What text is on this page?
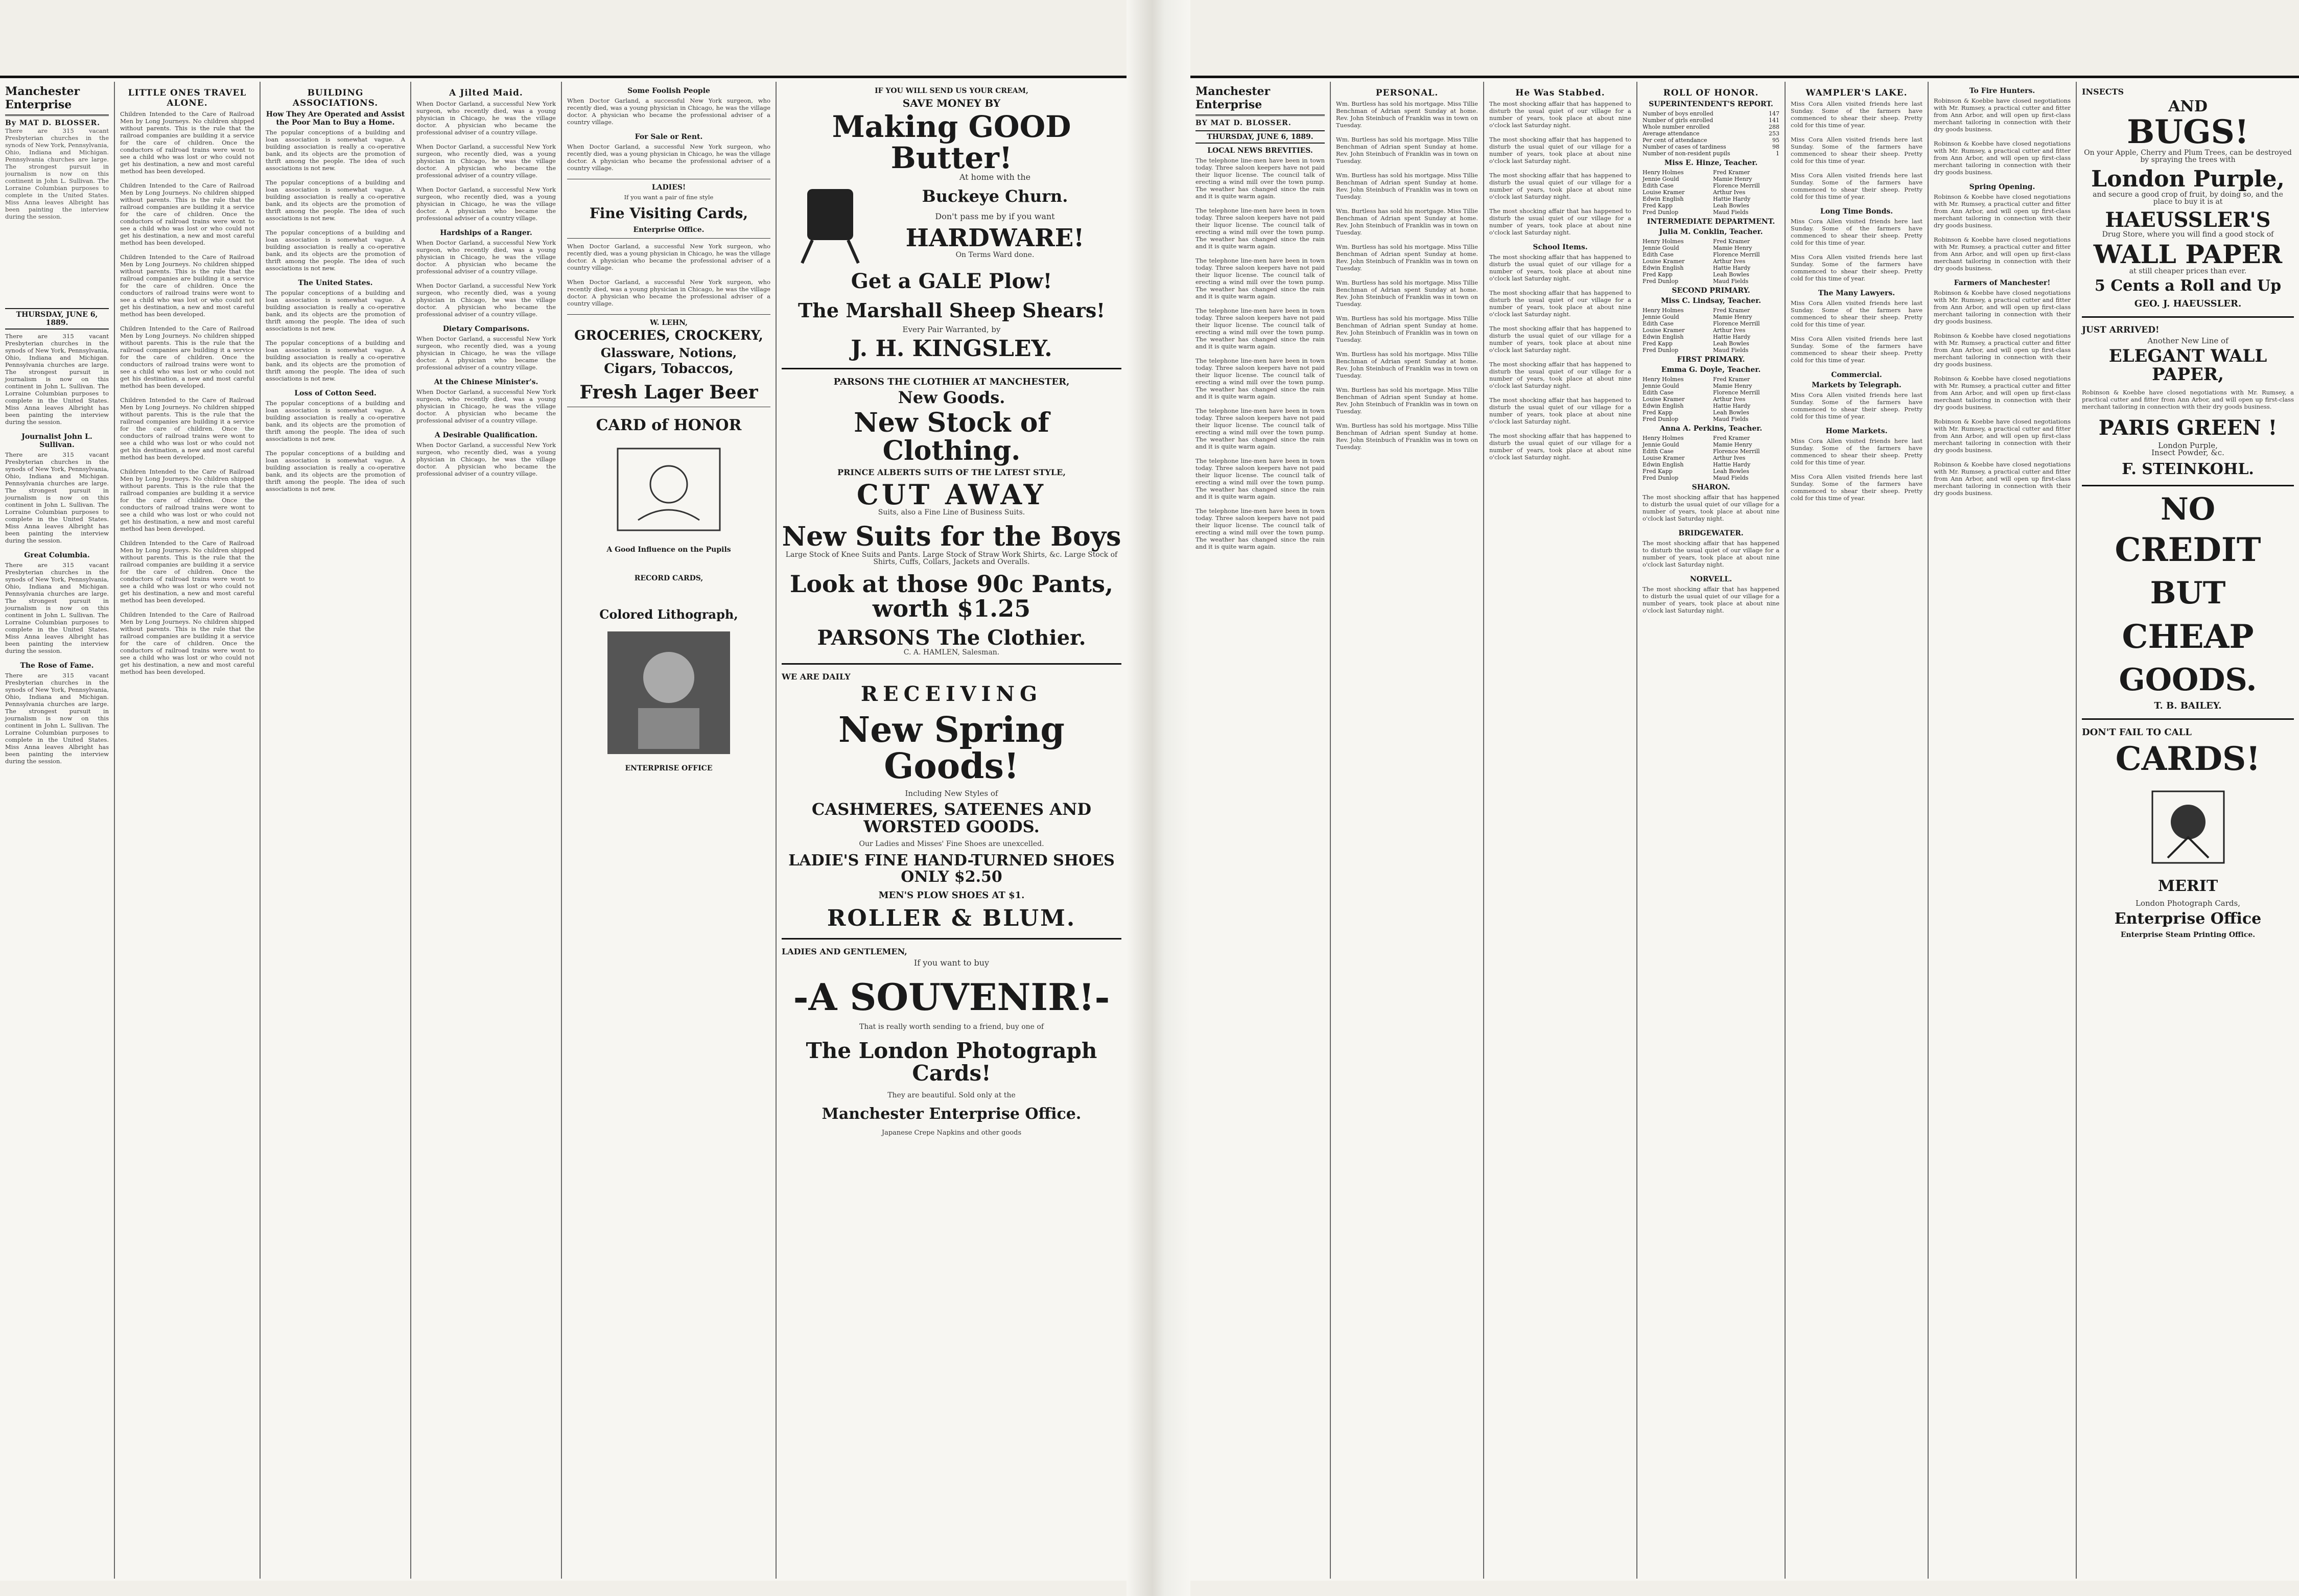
Manchester Enterprise
By MAT D. BLOSSER.
There are 315 vacant Presbyterian churches in the synods of New York, Pennsylvania, Ohio, Indiana and Michigan. Pennsylvania churches are large. The strongest pursuit in journalism is now on this continent in John L. Sullivan. The Lorraine Columbian purposes to complete in the United States. Miss Anna leaves Albright has been painting the interview during the session.
THURSDAY, JUNE 6, 1889.
There are 315 vacant Presbyterian churches in the synods of New York, Pennsylvania, Ohio, Indiana and Michigan. Pennsylvania churches are large. The strongest pursuit in journalism is now on this continent in John L. Sullivan. The Lorraine Columbian purposes to complete in the United States. Miss Anna leaves Albright has been painting the interview during the session.
Journalist John L. Sullivan.
There are 315 vacant Presbyterian churches in the synods of New York, Pennsylvania, Ohio, Indiana and Michigan. Pennsylvania churches are large. The strongest pursuit in journalism is now on this continent in John L. Sullivan. The Lorraine Columbian purposes to complete in the United States. Miss Anna leaves Albright has been painting the interview during the session.
Great Columbia.
There are 315 vacant Presbyterian churches in the synods of New York, Pennsylvania, Ohio, Indiana and Michigan. Pennsylvania churches are large. The strongest pursuit in journalism is now on this continent in John L. Sullivan. The Lorraine Columbian purposes to complete in the United States. Miss Anna leaves Albright has been painting the interview during the session.
The Rose of Fame.
There are 315 vacant Presbyterian churches in the synods of New York, Pennsylvania, Ohio, Indiana and Michigan. Pennsylvania churches are large. The strongest pursuit in journalism is now on this continent in John L. Sullivan. The Lorraine Columbian purposes to complete in the United States. Miss Anna leaves Albright has been painting the interview during the session.
LITTLE ONES TRAVEL ALONE.
Children Intended to the Care of Railroad Men by Long Journeys. No children shipped without parents. This is the rule that the railroad companies are building it a service for the care of children. Once the conductors of railroad trains were wont to see a child who was lost or who could not get his destination, a new and most careful method has been developed.
Children Intended to the Care of Railroad Men by Long Journeys. No children shipped without parents. This is the rule that the railroad companies are building it a service for the care of children. Once the conductors of railroad trains were wont to see a child who was lost or who could not get his destination, a new and most careful method has been developed.
Children Intended to the Care of Railroad Men by Long Journeys. No children shipped without parents. This is the rule that the railroad companies are building it a service for the care of children. Once the conductors of railroad trains were wont to see a child who was lost or who could not get his destination, a new and most careful method has been developed.
Children Intended to the Care of Railroad Men by Long Journeys. No children shipped without parents. This is the rule that the railroad companies are building it a service for the care of children. Once the conductors of railroad trains were wont to see a child who was lost or who could not get his destination, a new and most careful method has been developed.
Children Intended to the Care of Railroad Men by Long Journeys. No children shipped without parents. This is the rule that the railroad companies are building it a service for the care of children. Once the conductors of railroad trains were wont to see a child who was lost or who could not get his destination, a new and most careful method has been developed.
Children Intended to the Care of Railroad Men by Long Journeys. No children shipped without parents. This is the rule that the railroad companies are building it a service for the care of children. Once the conductors of railroad trains were wont to see a child who was lost or who could not get his destination, a new and most careful method has been developed.
Children Intended to the Care of Railroad Men by Long Journeys. No children shipped without parents. This is the rule that the railroad companies are building it a service for the care of children. Once the conductors of railroad trains were wont to see a child who was lost or who could not get his destination, a new and most careful method has been developed.
Children Intended to the Care of Railroad Men by Long Journeys. No children shipped without parents. This is the rule that the railroad companies are building it a service for the care of children. Once the conductors of railroad trains were wont to see a child who was lost or who could not get his destination, a new and most careful method has been developed.
BUILDING ASSOCIATIONS.
How They Are Operated and Assist the Poor Man to Buy a Home.
The popular conceptions of a building and loan association is somewhat vague. A building association is really a co-operative bank, and its objects are the promotion of thrift among the people. The idea of such associations is not new.
The popular conceptions of a building and loan association is somewhat vague. A building association is really a co-operative bank, and its objects are the promotion of thrift among the people. The idea of such associations is not new.
The popular conceptions of a building and loan association is somewhat vague. A building association is really a co-operative bank, and its objects are the promotion of thrift among the people. The idea of such associations is not new.
The United States.
The popular conceptions of a building and loan association is somewhat vague. A building association is really a co-operative bank, and its objects are the promotion of thrift among the people. The idea of such associations is not new.
The popular conceptions of a building and loan association is somewhat vague. A building association is really a co-operative bank, and its objects are the promotion of thrift among the people. The idea of such associations is not new.
Loss of Cotton Seed.
The popular conceptions of a building and loan association is somewhat vague. A building association is really a co-operative bank, and its objects are the promotion of thrift among the people. The idea of such associations is not new.
The popular conceptions of a building and loan association is somewhat vague. A building association is really a co-operative bank, and its objects are the promotion of thrift among the people. The idea of such associations is not new.
A Jilted Maid.
When Doctor Garland, a successful New York surgeon, who recently died, was a young physician in Chicago, he was the village doctor. A physician who became the professional adviser of a country village.
When Doctor Garland, a successful New York surgeon, who recently died, was a young physician in Chicago, he was the village doctor. A physician who became the professional adviser of a country village.
When Doctor Garland, a successful New York surgeon, who recently died, was a young physician in Chicago, he was the village doctor. A physician who became the professional adviser of a country village.
Hardships of a Ranger.
When Doctor Garland, a successful New York surgeon, who recently died, was a young physician in Chicago, he was the village doctor. A physician who became the professional adviser of a country village.
When Doctor Garland, a successful New York surgeon, who recently died, was a young physician in Chicago, he was the village doctor. A physician who became the professional adviser of a country village.
Dietary Comparisons.
When Doctor Garland, a successful New York surgeon, who recently died, was a young physician in Chicago, he was the village doctor. A physician who became the professional adviser of a country village.
At the Chinese Minister's.
When Doctor Garland, a successful New York surgeon, who recently died, was a young physician in Chicago, he was the village doctor. A physician who became the professional adviser of a country village.
A Desirable Qualification.
When Doctor Garland, a successful New York surgeon, who recently died, was a young physician in Chicago, he was the village doctor. A physician who became the professional adviser of a country village.
Some Foolish People
When Doctor Garland, a successful New York surgeon, who recently died, was a young physician in Chicago, he was the village doctor. A physician who became the professional adviser of a country village.
For Sale or Rent.
When Doctor Garland, a successful New York surgeon, who recently died, was a young physician in Chicago, he was the village doctor. A physician who became the professional adviser of a country village.
LADIES!
If you want a pair of fine style
Fine Visiting Cards,
Enterprise Office.
When Doctor Garland, a successful New York surgeon, who recently died, was a young physician in Chicago, he was the village doctor. A physician who became the professional adviser of a country village.
When Doctor Garland, a successful New York surgeon, who recently died, was a young physician in Chicago, he was the village doctor. A physician who became the professional adviser of a country village.
W. LEHN,
GROCERIES, CROCKERY,
Glassware, Notions,
Cigars, Tobaccos,
Fresh Lager Beer
CARD of HONOR
A Good Influence on the Pupils
RECORD CARDS,
Colored Lithograph,
ENTERPRISE OFFICE
IF YOU WILL SEND US YOUR CREAM,
SAVE MONEY BY
Making GOOD Butter!
At home with the
Buckeye Churn.
Don't pass me by if you want
HARDWARE!
On Terms Ward done.
Get a GALE Plow!
The Marshall Sheep Shears!
Every Pair Warranted, by
J. H. KINGSLEY.
PARSONS THE CLOTHIER AT MANCHESTER,
New Goods.
New Stock of Clothing.
PRINCE ALBERTS SUITS OF THE LATEST STYLE,
CUT AWAY
Suits, also a Fine Line of Business Suits.
New Suits for the Boys
Large Stock of Knee Suits and Pants. Large Stock of Straw Work Shirts, &c. Large Stock of Shirts, Cuffs, Collars, Jackets and Overalls.
Look at those 90c Pants, worth $1.25
PARSONS The Clothier.
C. A. HAMLEN, Salesman.
WE ARE DAILY
RECEIVING
New Spring Goods!
Including New Styles of
CASHMERES, SATEENES AND
WORSTED GOODS.
Our Ladies and Misses' Fine Shoes are unexcelled.
LADIE'S FINE HAND-TURNED SHOES ONLY $2.50
MEN'S PLOW SHOES AT $1.
ROLLER & BLUM.
LADIES AND GENTLEMEN,
If you want to buy
-A SOUVENIR!-
That is really worth sending to a friend, buy one of
The London Photograph Cards!
They are beautiful. Sold only at the
Manchester Enterprise Office.
Japanese Crepe Napkins and other goods
Manchester Enterprise
BY MAT D. BLOSSER.
THURSDAY, JUNE 6, 1889.
LOCAL NEWS BREVITIES.
The telephone line-men have been in town today. Three saloon keepers have not paid their liquor license. The council talk of erecting a wind mill over the town pump. The weather has changed since the rain and it is quite warm again.
The telephone line-men have been in town today. Three saloon keepers have not paid their liquor license. The council talk of erecting a wind mill over the town pump. The weather has changed since the rain and it is quite warm again.
The telephone line-men have been in town today. Three saloon keepers have not paid their liquor license. The council talk of erecting a wind mill over the town pump. The weather has changed since the rain and it is quite warm again.
The telephone line-men have been in town today. Three saloon keepers have not paid their liquor license. The council talk of erecting a wind mill over the town pump. The weather has changed since the rain and it is quite warm again.
The telephone line-men have been in town today. Three saloon keepers have not paid their liquor license. The council talk of erecting a wind mill over the town pump. The weather has changed since the rain and it is quite warm again.
The telephone line-men have been in town today. Three saloon keepers have not paid their liquor license. The council talk of erecting a wind mill over the town pump. The weather has changed since the rain and it is quite warm again.
The telephone line-men have been in town today. Three saloon keepers have not paid their liquor license. The council talk of erecting a wind mill over the town pump. The weather has changed since the rain and it is quite warm again.
The telephone line-men have been in town today. Three saloon keepers have not paid their liquor license. The council talk of erecting a wind mill over the town pump. The weather has changed since the rain and it is quite warm again.
PERSONAL.
Wm. Burtless has sold his mortgage. Miss Tillie Benchman of Adrian spent Sunday at home. Rev. John Steinbuch of Franklin was in town on Tuesday.
Wm. Burtless has sold his mortgage. Miss Tillie Benchman of Adrian spent Sunday at home. Rev. John Steinbuch of Franklin was in town on Tuesday.
Wm. Burtless has sold his mortgage. Miss Tillie Benchman of Adrian spent Sunday at home. Rev. John Steinbuch of Franklin was in town on Tuesday.
Wm. Burtless has sold his mortgage. Miss Tillie Benchman of Adrian spent Sunday at home. Rev. John Steinbuch of Franklin was in town on Tuesday.
Wm. Burtless has sold his mortgage. Miss Tillie Benchman of Adrian spent Sunday at home. Rev. John Steinbuch of Franklin was in town on Tuesday.
Wm. Burtless has sold his mortgage. Miss Tillie Benchman of Adrian spent Sunday at home. Rev. John Steinbuch of Franklin was in town on Tuesday.
Wm. Burtless has sold his mortgage. Miss Tillie Benchman of Adrian spent Sunday at home. Rev. John Steinbuch of Franklin was in town on Tuesday.
Wm. Burtless has sold his mortgage. Miss Tillie Benchman of Adrian spent Sunday at home. Rev. John Steinbuch of Franklin was in town on Tuesday.
Wm. Burtless has sold his mortgage. Miss Tillie Benchman of Adrian spent Sunday at home. Rev. John Steinbuch of Franklin was in town on Tuesday.
Wm. Burtless has sold his mortgage. Miss Tillie Benchman of Adrian spent Sunday at home. Rev. John Steinbuch of Franklin was in town on Tuesday.
He Was Stabbed.
The most shocking affair that has happened to disturb the usual quiet of our village for a number of years, took place at about nine o'clock last Saturday night.
The most shocking affair that has happened to disturb the usual quiet of our village for a number of years, took place at about nine o'clock last Saturday night.
The most shocking affair that has happened to disturb the usual quiet of our village for a number of years, took place at about nine o'clock last Saturday night.
The most shocking affair that has happened to disturb the usual quiet of our village for a number of years, took place at about nine o'clock last Saturday night.
School Items.
The most shocking affair that has happened to disturb the usual quiet of our village for a number of years, took place at about nine o'clock last Saturday night.
The most shocking affair that has happened to disturb the usual quiet of our village for a number of years, took place at about nine o'clock last Saturday night.
The most shocking affair that has happened to disturb the usual quiet of our village for a number of years, took place at about nine o'clock last Saturday night.
The most shocking affair that has happened to disturb the usual quiet of our village for a number of years, took place at about nine o'clock last Saturday night.
The most shocking affair that has happened to disturb the usual quiet of our village for a number of years, took place at about nine o'clock last Saturday night.
The most shocking affair that has happened to disturb the usual quiet of our village for a number of years, took place at about nine o'clock last Saturday night.
ROLL OF HONOR.
SUPERINTENDENT'S REPORT.
Number of boys enrolled	147
Number of girls enrolled	141
Whole number enrolled	288
Average attendance	253
Per cent of attendance	95
Number of cases of tardiness	98
Number of non-resident pupils	1
Miss E. Hinze, Teacher.
Henry Holmes	Fred Kramer
Jennie Gould	Mamie Henry
Edith Case	Florence Merrill
Louise Kramer	Arthur Ives
Edwin English	Hattie Hardy
Fred Kapp	Leah Bowles
Fred Dunlop	Maud Fields
INTERMEDIATE DEPARTMENT.
Julia M. Conklin, Teacher.
Henry Holmes	Fred Kramer
Jennie Gould	Mamie Henry
Edith Case	Florence Merrill
Louise Kramer	Arthur Ives
Edwin English	Hattie Hardy
Fred Kapp	Leah Bowles
Fred Dunlop	Maud Fields
SECOND PRIMARY.
Miss C. Lindsay, Teacher.
Henry Holmes	Fred Kramer
Jennie Gould	Mamie Henry
Edith Case	Florence Merrill
Louise Kramer	Arthur Ives
Edwin English	Hattie Hardy
Fred Kapp	Leah Bowles
Fred Dunlop	Maud Fields
FIRST PRIMARY.
Emma G. Doyle, Teacher.
Henry Holmes	Fred Kramer
Jennie Gould	Mamie Henry
Edith Case	Florence Merrill
Louise Kramer	Arthur Ives
Edwin English	Hattie Hardy
Fred Kapp	Leah Bowles
Fred Dunlop	Maud Fields
Anna A. Perkins, Teacher.
Henry Holmes	Fred Kramer
Jennie Gould	Mamie Henry
Edith Case	Florence Merrill
Louise Kramer	Arthur Ives
Edwin English	Hattie Hardy
Fred Kapp	Leah Bowles
Fred Dunlop	Maud Fields
SHARON.
The most shocking affair that has happened to disturb the usual quiet of our village for a number of years, took place at about nine o'clock last Saturday night.
BRIDGEWATER.
The most shocking affair that has happened to disturb the usual quiet of our village for a number of years, took place at about nine o'clock last Saturday night.
NORVELL.
The most shocking affair that has happened to disturb the usual quiet of our village for a number of years, took place at about nine o'clock last Saturday night.
WAMPLER'S LAKE.
Miss Cora Allen visited friends here last Sunday. Some of the farmers have commenced to shear their sheep. Pretty cold for this time of year.
Miss Cora Allen visited friends here last Sunday. Some of the farmers have commenced to shear their sheep. Pretty cold for this time of year.
Miss Cora Allen visited friends here last Sunday. Some of the farmers have commenced to shear their sheep. Pretty cold for this time of year.
Long Time Bonds.
Miss Cora Allen visited friends here last Sunday. Some of the farmers have commenced to shear their sheep. Pretty cold for this time of year.
Miss Cora Allen visited friends here last Sunday. Some of the farmers have commenced to shear their sheep. Pretty cold for this time of year.
The Many Lawyers.
Miss Cora Allen visited friends here last Sunday. Some of the farmers have commenced to shear their sheep. Pretty cold for this time of year.
Miss Cora Allen visited friends here last Sunday. Some of the farmers have commenced to shear their sheep. Pretty cold for this time of year.
Commercial.
Markets by Telegraph.
Miss Cora Allen visited friends here last Sunday. Some of the farmers have commenced to shear their sheep. Pretty cold for this time of year.
Home Markets.
Miss Cora Allen visited friends here last Sunday. Some of the farmers have commenced to shear their sheep. Pretty cold for this time of year.
Miss Cora Allen visited friends here last Sunday. Some of the farmers have commenced to shear their sheep. Pretty cold for this time of year.
To Fire Hunters.
Robinson & Koebbe have closed negotiations with Mr. Rumsey, a practical cutter and fitter from Ann Arbor, and will open up first-class merchant tailoring in connection with their dry goods business.
Robinson & Koebbe have closed negotiations with Mr. Rumsey, a practical cutter and fitter from Ann Arbor, and will open up first-class merchant tailoring in connection with their dry goods business.
Spring Opening.
Robinson & Koebbe have closed negotiations with Mr. Rumsey, a practical cutter and fitter from Ann Arbor, and will open up first-class merchant tailoring in connection with their dry goods business.
Robinson & Koebbe have closed negotiations with Mr. Rumsey, a practical cutter and fitter from Ann Arbor, and will open up first-class merchant tailoring in connection with their dry goods business.
Farmers of Manchester!
Robinson & Koebbe have closed negotiations with Mr. Rumsey, a practical cutter and fitter from Ann Arbor, and will open up first-class merchant tailoring in connection with their dry goods business.
Robinson & Koebbe have closed negotiations with Mr. Rumsey, a practical cutter and fitter from Ann Arbor, and will open up first-class merchant tailoring in connection with their dry goods business.
Robinson & Koebbe have closed negotiations with Mr. Rumsey, a practical cutter and fitter from Ann Arbor, and will open up first-class merchant tailoring in connection with their dry goods business.
Robinson & Koebbe have closed negotiations with Mr. Rumsey, a practical cutter and fitter from Ann Arbor, and will open up first-class merchant tailoring in connection with their dry goods business.
Robinson & Koebbe have closed negotiations with Mr. Rumsey, a practical cutter and fitter from Ann Arbor, and will open up first-class merchant tailoring in connection with their dry goods business.
INSECTS
AND
BUGS!
On your Apple, Cherry and Plum Trees, can be destroyed by spraying the trees with
London Purple,
and secure a good crop of fruit, by doing so, and the place to buy it is at
HAEUSSLER'S
Drug Store, where you will find a good stock of
WALL PAPER
at still cheaper prices than ever.
5 Cents a Roll and Up
GEO. J. HAEUSSLER.
JUST ARRIVED!
Another New Line of
ELEGANT WALL PAPER,
Robinson & Koebbe have closed negotiations with Mr. Rumsey, a practical cutter and fitter from Ann Arbor, and will open up first-class merchant tailoring in connection with their dry goods business.
PARIS GREEN !
London Purple,
Insect Powder, &c.
F. STEINKOHL.
NO
CREDIT
BUT
CHEAP
GOODS.
T. B. BAILEY.
DON'T FAIL TO CALL
CARDS!
MERIT
London Photograph Cards,
Enterprise Office
Enterprise Steam Printing Office.
